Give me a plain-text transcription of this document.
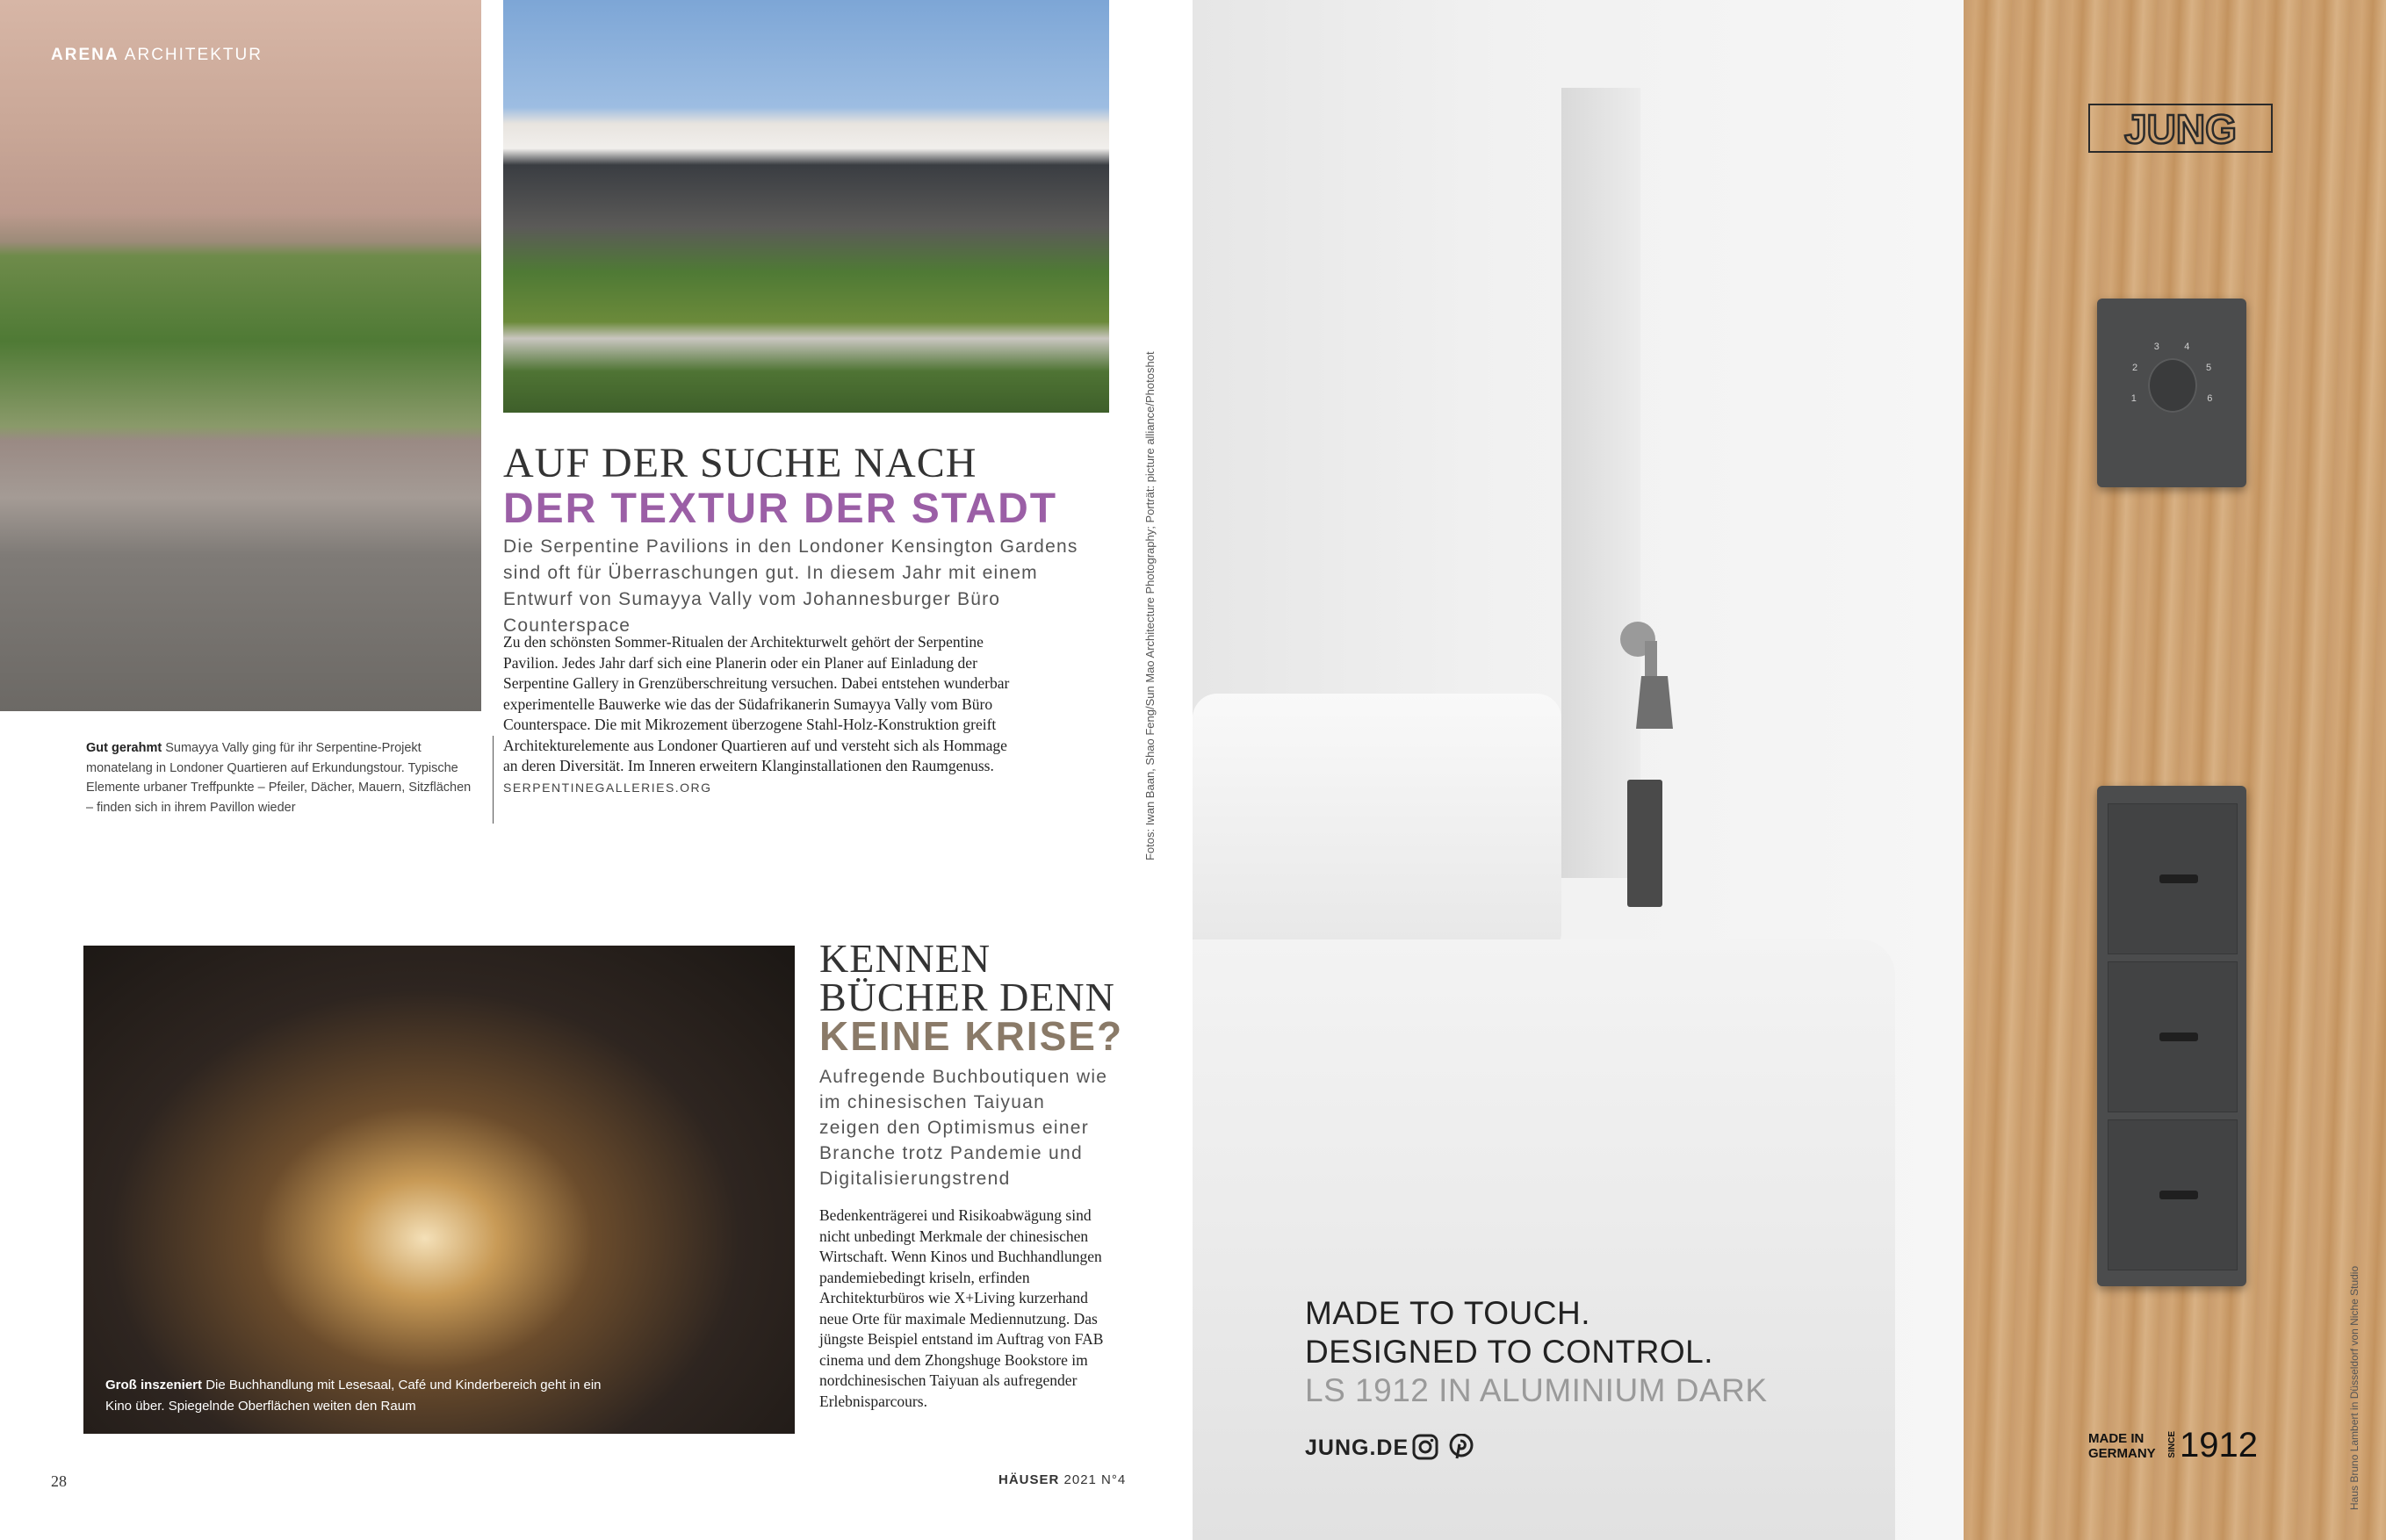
ARENA ARCHITEKTUR
AUF DER SUCHE NACH
DER TEXTUR DER STADT
Die Serpentine Pavilions in den Londoner Kensington Gardens sind oft für Überraschungen gut. In diesem Jahr mit einem Entwurf von Sumayya Vally vom Johannesburger Büro Counterspace
Zu den schönsten Sommer-Ritualen der Architekturwelt gehört der Serpentine Pavilion. Jedes Jahr darf sich eine Planerin oder ein Planer auf Einladung der Serpentine Gallery in Grenzüberschreitung versuchen. Dabei entstehen wunderbar experimentelle Bauwerke wie das der Südafrikanerin Sumayya Vally vom Büro Counterspace. Die mit Mikrozement überzogene Stahl-Holz-Konstruktion greift Architekturelemente aus Londoner Quartieren auf und versteht sich als Hommage an deren Diversität. Im Inneren erweitern Klanginstallationen den Raumgenuss. SERPENTINEGALLERIES.ORG
Gut gerahmt Sumayya Vally ging für ihr Serpentine-Projekt monatelang in Londoner Quartieren auf Erkundungstour. Typische Elemente urbaner Treffpunkte – Pfeiler, Dächer, Mauern, Sitzflächen – finden sich in ihrem Pavillon wieder
Groß inszeniert Die Buchhandlung mit Lesesaal, Café und Kinderbereich geht in ein Kino über. Spiegelnde Oberflächen weiten den Raum
KENNEN
BÜCHER DENN
KEINE KRISE?
Aufregende Buchboutiquen wie im chinesischen Taiyuan zeigen den Optimismus einer Branche trotz Pandemie und Digitalisierungstrend
Bedenkenträgerei und Risikoabwägung sind nicht unbedingt Merkmale der chinesischen Wirtschaft. Wenn Kinos und Buchhandlungen pandemiebedingt kriseln, erfinden Architekturbüros wie X+Living kurzerhand neue Orte für maximale Mediennutzung. Das jüngste Beispiel entstand im Auftrag von FAB cinema und dem Zhongshuge Bookstore im nordchinesischen Taiyuan als aufregender Erlebnisparcours.
Fotos: Iwan Baan, Shao Feng/Sun Mao Architecture Photography; Porträt: picture alliance/Photoshot
28	HÄUSER 2021 N°4
JUNG
1
2
3	4
5
6
MADE TO TOUCH.
DESIGNED TO CONTROL.
LS 1912 IN ALUMINIUM DARK
JUNG.DE	MADE IN
GERMANY SINCE 1912	Haus Bruno Lambert in Düsseldorf von Niche Studio
